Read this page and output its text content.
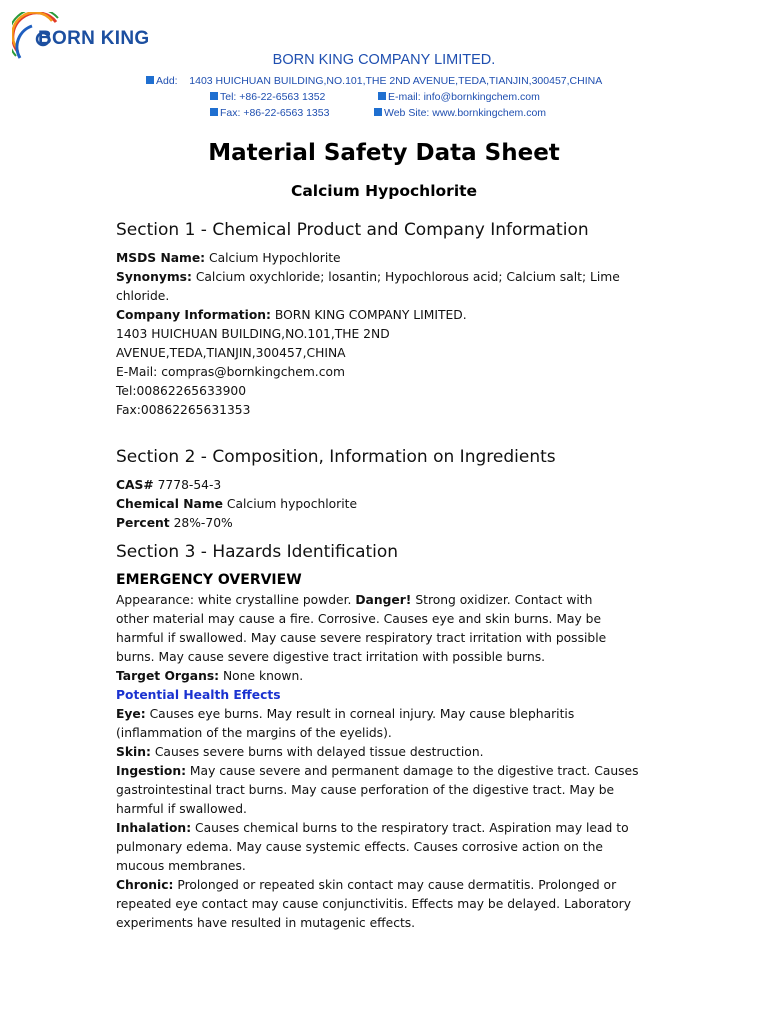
BORN KING
BORN KING COMPANY LIMITED.
Add: 1403 HUICHUAN BUILDING,NO.101,THE 2ND AVENUE,TEDA,TIANJIN,300457,CHINA
Tel: +86-22-6563 1352	E-mail: info@bornkingchem.com
Fax: +86-22-6563 1353	Web Site: www.bornkingchem.com
Material Safety Data Sheet
Calcium Hypochlorite
Section 1 - Chemical Product and Company Information
MSDS Name: Calcium Hypochlorite
Synonyms: Calcium oxychloride; losantin; Hypochlorous acid; Calcium salt; Lime
chloride.
Company Information: BORN KING COMPANY LIMITED.
1403 HUICHUAN BUILDING,NO.101,THE 2ND
AVENUE,TEDA,TIANJIN,300457,CHINA
E-Mail: compras@bornkingchem.com
Tel:00862265633900
Fax:00862265631353
Section 2 - Composition, Information on Ingredients
CAS# 7778-54-3
Chemical Name Calcium hypochlorite
Percent 28%-70%
Section 3 - Hazards Identification
EMERGENCY OVERVIEW
Appearance: white crystalline powder. Danger! Strong oxidizer. Contact with
other material may cause a fire. Corrosive. Causes eye and skin burns. May be
harmful if swallowed. May cause severe respiratory tract irritation with possible
burns. May cause severe digestive tract irritation with possible burns.
Target Organs: None known.
Potential Health Effects
Eye: Causes eye burns. May result in corneal injury. May cause blepharitis
(inflammation of the margins of the eyelids).
Skin: Causes severe burns with delayed tissue destruction.
Ingestion: May cause severe and permanent damage to the digestive tract. Causes
gastrointestinal tract burns. May cause perforation of the digestive tract. May be
harmful if swallowed.
Inhalation: Causes chemical burns to the respiratory tract. Aspiration may lead to
pulmonary edema. May cause systemic effects. Causes corrosive action on the
mucous membranes.
Chronic: Prolonged or repeated skin contact may cause dermatitis. Prolonged or
repeated eye contact may cause conjunctivitis. Effects may be delayed. Laboratory
experiments have resulted in mutagenic effects.
